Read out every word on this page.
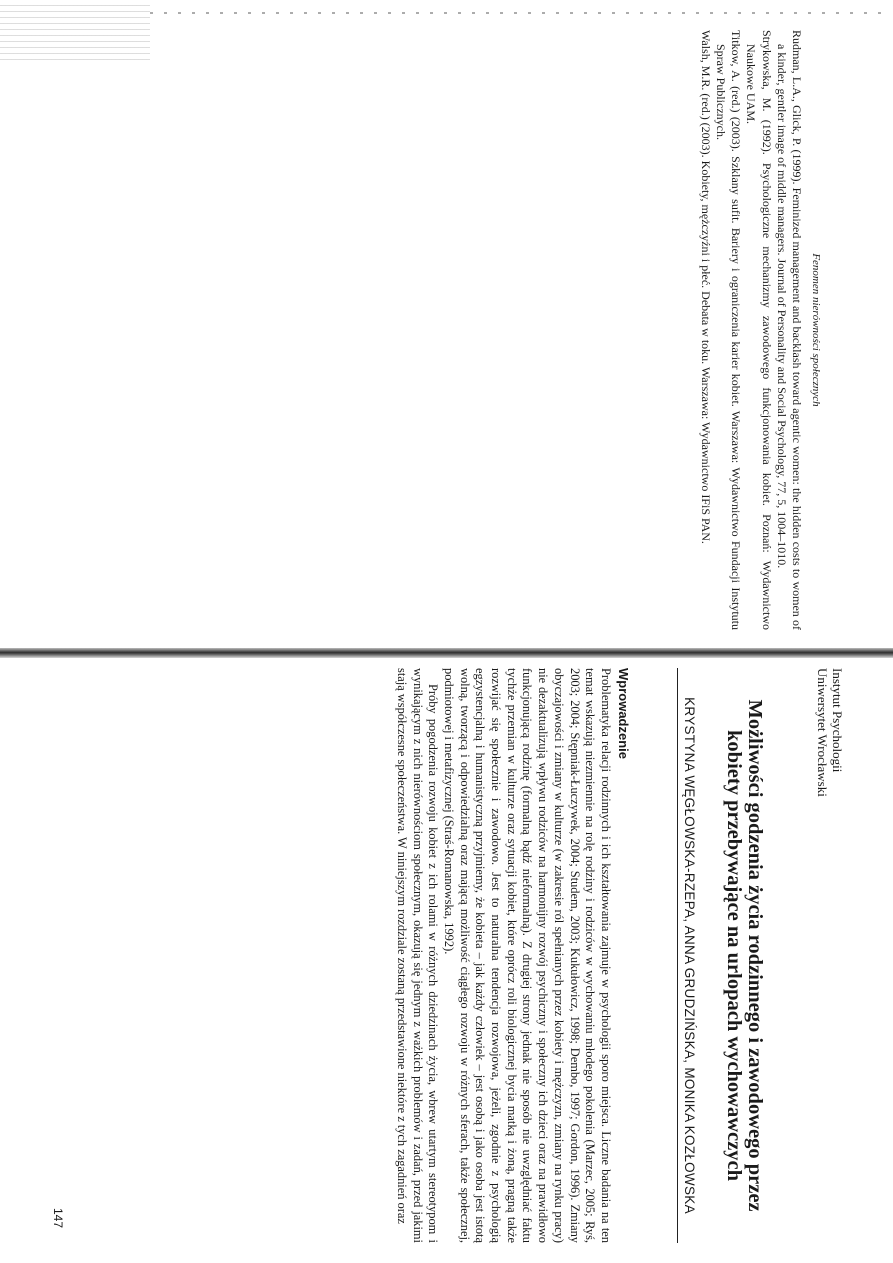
Fenomen nierówności społecznych

Rudman, L.A., Glick, P. (1999). Feminized management and backlash toward agentic women: the hidden costs to women of a kinder, gentler image of middle managers. Journal of Personality and Social Psychology, 77, 5, 1004–1010.

Strykowska, M. (1992). Psychologiczne mechanizmy zawodowego funkcjonowania kobiet. Poznań: Wydawnictwo Naukowe UAM.

Titkow, A. (red.) (2003). Szklany sufit. Bariery i ograniczenia karier kobiet. Warszawa: Wydawnictwo Fundacji Instytutu Spraw Publicznych.

Walsh, M.R. (red.) (2003). Kobiety, mężczyźni i płeć. Debata w toku. Warszawa: Wydawnictwo IFiS PAN.

Instytut Psychologii
Uniwersytet Wrocławski
Możliwości godzenia życia rodzinnego i zawodowego przez kobiety przebywające na urlopach wychowawczych
KRYSTYNA WĘGŁOWSKA-RZEPA, ANNA GRUDZIŃSKA, MONIKA KOZŁOWSKA
Wprowadzenie

Problematyka relacji rodzinnych i ich kształtowania zajmuje w psychologii sporo miejsca. Liczne badania na ten temat wskazują niezmiennie na rolę rodziny i rodziców w wychowaniu młodego pokolenia (Marzec, 2005; Ryś, 2003; 2004; Stępniak-Łuczywek, 2004; Studem, 2003; Kukułowicz, 1998; Dembo, 1997; Gordon, 1996). Zmiany obyczajowości i zmiany w kulturze (w zakresie ról spełnianych przez kobiety i mężczyzn, zmiany na rynku pracy) nie dezaktualizują wpływu rodziców na harmonijny rozwój psychiczny i społeczny ich dzieci oraz na prawidłowo funkcjonującą rodzinę (formalną bądź nieformalną). Z drugiej strony jednak nie sposób nie uwzględniać faktu tychże przemian w kulturze oraz sytuacji kobiet, które oprócz roli biologicznej bycia matką i żoną, pragną także rozwijać się społecznie i zawodowo. Jest to naturalna tendencja rozwojowa, jeżeli, zgodnie z psychologią egzystencjalną i humanistyczną przyjmiemy, że kobieta – jak każdy człowiek – jest osobą i jako osoba jest istotą wolną, tworzącą i odpowiedzialną oraz mającą możliwość ciągłego rozwoju w różnych sferach, także społecznej, podmiotowej i metafizycznej (Straś-Romanowska, 1992).

Próby pogodzenia rozwoju kobiet z ich rolami w różnych dziedzinach życia, wbrew utartym stereotypom i wynikającym z nich nierównościom społecznym, okazują się jednym z ważkich problemów i zadań, przed jakimi stają współczesne społeczeństwa. W niniejszym rozdziale zostaną przedstawione niektóre z tych zagadnień oraz

147
